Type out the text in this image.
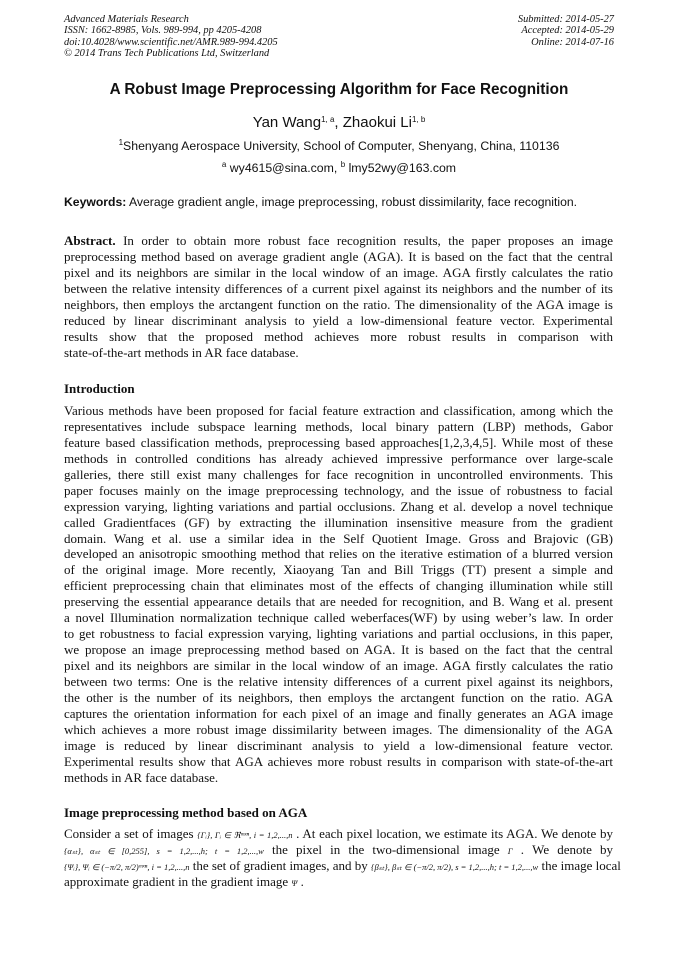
Advanced Materials Research
ISSN: 1662-8985, Vols. 989-994, pp 4205-4208
doi:10.4028/www.scientific.net/AMR.989-994.4205
© 2014 Trans Tech Publications Ltd, Switzerland
Submitted: 2014-05-27
Accepted: 2014-05-29
Online: 2014-07-16
A Robust Image Preprocessing Algorithm for Face Recognition
Yan Wang$^{1, a}$, Zhaokui Li$^{1, b}$
$^1$Shenyang Aerospace University, School of Computer, Shenyang, China, 110136
$^a$ wy4615@sina.com, $^b$ lmy52wy@163.com
Keywords: Average gradient angle, image preprocessing, robust dissimilarity, face recognition.
Abstract. In order to obtain more robust face recognition results, the paper proposes an image
preprocessing method based on average gradient angle (AGA). It is based on the fact that the central
pixel and its neighbors are similar in the local window of an image. AGA firstly calculates the ratio
between the relative intensity differences of a current pixel against its neighbors and the number of its
neighbors, then employs the arctangent function on the ratio. The dimensionality of the AGA image is
reduced by linear discriminant analysis to yield a low-dimensional feature vector. Experimental
results show that the proposed method achieves more robust results in comparison with
state-of-the-art methods in AR face database.
Introduction
Various methods have been proposed for facial feature extraction and classification, among which the
representatives include subspace learning methods, local binary pattern (LBP) methods, Gabor
feature based classification methods, preprocessing based approaches[1,2,3,4,5]. While most of these
methods in controlled conditions has already achieved impressive performance over large-scale
galleries, there still exist many challenges for face recognition in uncontrolled environments. This
paper focuses mainly on the image preprocessing technology, and the issue of robustness to facial
expression varying, lighting variations and partial occlusions. Zhang et al. develop a novel technique
called Gradientfaces (GF) by extracting the illumination insensitive measure from the gradient
domain. Wang et al. use a similar idea in the Self Quotient Image. Gross and Brajovic (GB)
developed an anisotropic smoothing method that relies on the iterative estimation of a blurred version
of the original image. More recently, Xiaoyang Tan and Bill Triggs (TT) present a simple and
efficient preprocessing chain that eliminates most of the effects of changing illumination while still
preserving the essential appearance details that are needed for recognition, and B. Wang et al. present
a novel Illumination normalization technique called weberfaces(WF) by using weber’s law. In order
to get robustness to facial expression varying, lighting variations and partial occlusions, in this paper,
we propose an image preprocessing method based on AGA. It is based on the fact that the central
pixel and its neighbors are similar in the local window of an image. AGA firstly calculates the ratio
between two terms: One is the relative intensity differences of a current pixel against its neighbors,
the other is the number of its neighbors, then employs the arctangent function on the ratio. AGA
captures the orientation information for each pixel of an image and finally generates an AGA image
which achieves a more robust image dissimilarity between images. The dimensionality of the AGA
image is reduced by linear discriminant analysis to yield a low-dimensional feature vector.
Experimental results show that AGA achieves more robust results in comparison with state-of-the-art
methods in AR face database.
Image preprocessing method based on AGA
Consider a set of images {Γᵢ}, Γᵢ ∈ ℜᵐˣⁿ, i = 1,2,...,n . At each pixel location, we estimate its AGA. We denote by
{αₛₜ}, αₛₜ ∈ [0,255], s = 1,2,...,h; t = 1,2,...,w the pixel in the two-dimensional image Γ . We denote by
{Ψᵢ}, Ψᵢ ∈ (−π/2, π/2)ᵐˣⁿ, i = 1,2,...,n the set of gradient images, and by {βₛₜ}, βₛₜ ∈ (−π/2, π/2), s = 1,2,...,h; t = 1,2,...,w the image local
approximate gradient in the gradient image Ψ .
